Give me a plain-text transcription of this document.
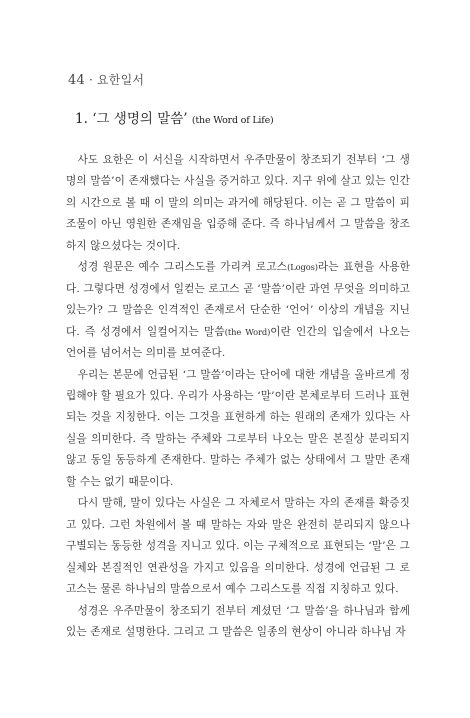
44 · 요한일서
1. ‘그 생명의 말씀’ (the Word of Life)

사도 요한은 이 서신을 시작하면서 우주만물이 창조되기 전부터 ‘그 생명의 말씀’이 존재했다는 사실을 증거하고 있다. 지구 위에 살고 있는 인간의 시간으로 볼 때 이 말의 의미는 과거에 해당된다. 이는 곧 그 말씀이 피조물이 아닌 영원한 존재임을 입증해 준다. 즉 하나님께서 그 말씀을 창조하지 않으셨다는 것이다.

성경 원문은 예수 그리스도를 가리켜 로고스(Logos)라는 표현을 사용한다. 그렇다면 성경에서 일컫는 로고스 곧 ‘말씀’이란 과연 무엇을 의미하고 있는가? 그 말씀은 인격적인 존재로서 단순한 ‘언어’ 이상의 개념을 지닌다. 즉 성경에서 일컬어지는 말씀(the Word)이란 인간의 입술에서 나오는 언어를 넘어서는 의미를 보여준다.

우리는 본문에 언급된 ‘그 말씀’이라는 단어에 대한 개념을 올바르게 정립해야 할 필요가 있다. 우리가 사용하는 ‘말’이란 본체로부터 드러나 표현되는 것을 지칭한다. 이는 그것을 표현하게 하는 원래의 존재가 있다는 사실을 의미한다. 즉 말하는 주체와 그로부터 나오는 말은 본질상 분리되지 않고 동일 동등하게 존재한다. 말하는 주체가 없는 상태에서 그 말만 존재할 수는 없기 때문이다.

다시 말해, 말이 있다는 사실은 그 자체로서 말하는 자의 존재를 확증짓고 있다. 그런 차원에서 볼 때 말하는 자와 말은 완전히 분리되지 않으나 구별되는 동등한 성격을 지니고 있다. 이는 구체적으로 표현되는 ‘말’은 그 실체와 본질적인 연관성을 가지고 있음을 의미한다. 성경에 언급된 그 로고스는 물론 하나님의 말씀으로서 예수 그리스도를 직접 지칭하고 있다.

성경은 우주만물이 창조되기 전부터 계셨던 ‘그 말씀’을 하나님과 함께 있는 존재로 설명한다. 그리고 그 말씀은 일종의 현상이 아니라 하나님 자
